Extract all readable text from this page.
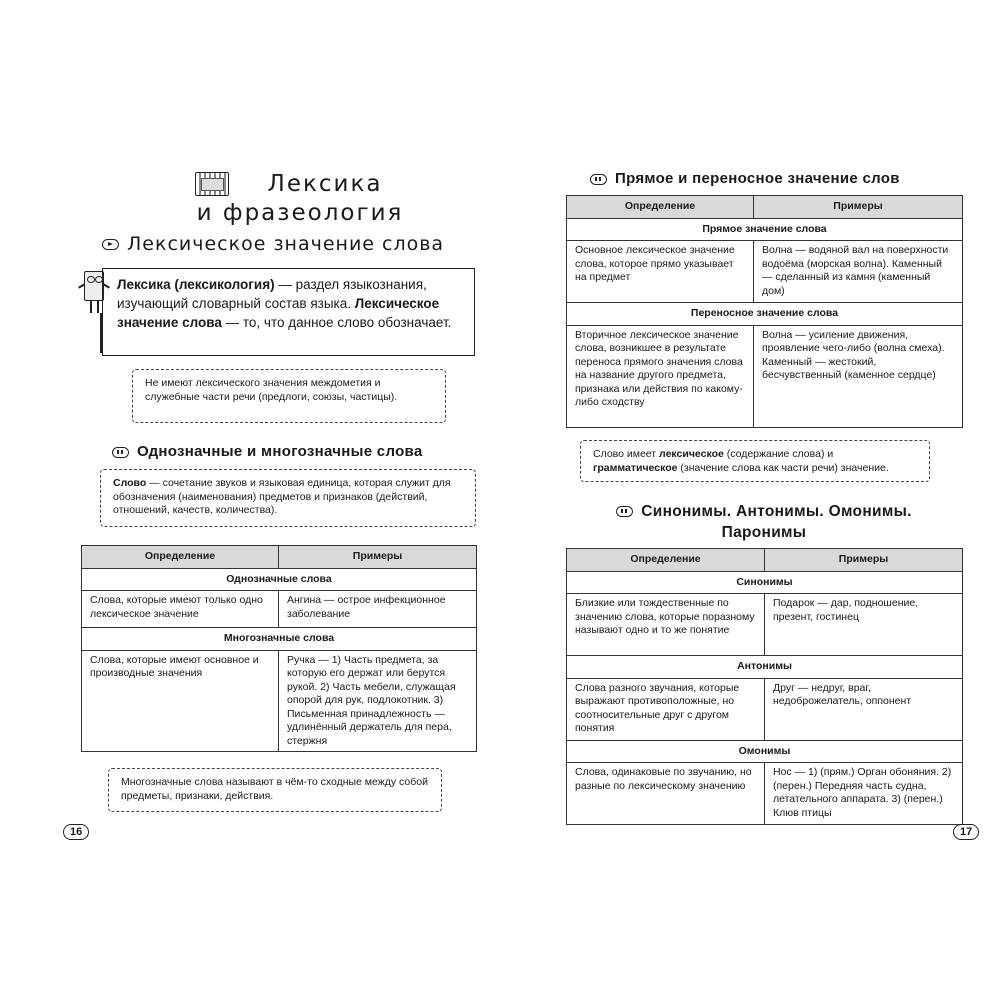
Лексика
и фразеология
Лексическое значение слова
Лексика (лексикология) — раздел языкознания, изучающий словарный состав языка. Лексическое значение слова — то, что данное слово обозначает.
Не имеют лексического значения междометия и служебные части речи (предлоги, союзы, частицы).
Однозначные и многозначные слова
Слово — сочетание звуков и языковая единица, которая служит для обозначения (наименования) предметов и признаков (действий, отношений, качеств, количества).
Определение	Примеры
Однозначные слова	
Слова, которые имеют только одно лексическое значение	Ангина — острое инфекционное заболевание
Многозначные слова	
Слова, которые имеют основное и производные значения	Ручка — 1) Часть предмета, за которую его держат или берутся рукой. 2) Часть мебели, служащая опорой для рук, подлокотник. 3) Письменная принадлежность — удлинённый держатель для пера, стержня
Многозначные слова называют в чём-то сходные между собой предметы, признаки, действия.
16
Прямое и переносное значение слов
Определение	Примеры
Прямое значение слова	
Основное лексическое значение слова, которое прямо указывает на предмет	Волна — водяной вал на поверхности водоёма (морская волна). Каменный — сделанный из камня (каменный дом)
Переносное значение слова	
Вторичное лексическое значение слова, возникшее в результате переноса прямого значения слова на название другого предмета, признака или действия по какому-либо сходству	Волна — усиление движения, проявление чего-либо (волна смеха). Каменный — жестокий, бесчувственный (каменное сердце)
Слово имеет лексическое (содержание слова) и грамматическое (значение слова как части речи) значение.
Синонимы. Антонимы. Омонимы.
Паронимы
Определение	Примеры
Синонимы	
Близкие или тождественные по значению слова, которые поразному называют одно и то же понятие	Подарок — дар, подношение, презент, гостинец
Антонимы	
Слова разного звучания, которые выражают противоположные, но соотносительные друг с другом понятия	Друг — недруг, враг, недоброжелатель, оппонент
Омонимы	
Слова, одинаковые по звучанию, но разные по лексическому значению	Нос — 1) (прям.) Орган обоняния. 2) (перен.) Передняя часть судна, летательного аппарата. 3) (перен.) Клюв птицы
17
